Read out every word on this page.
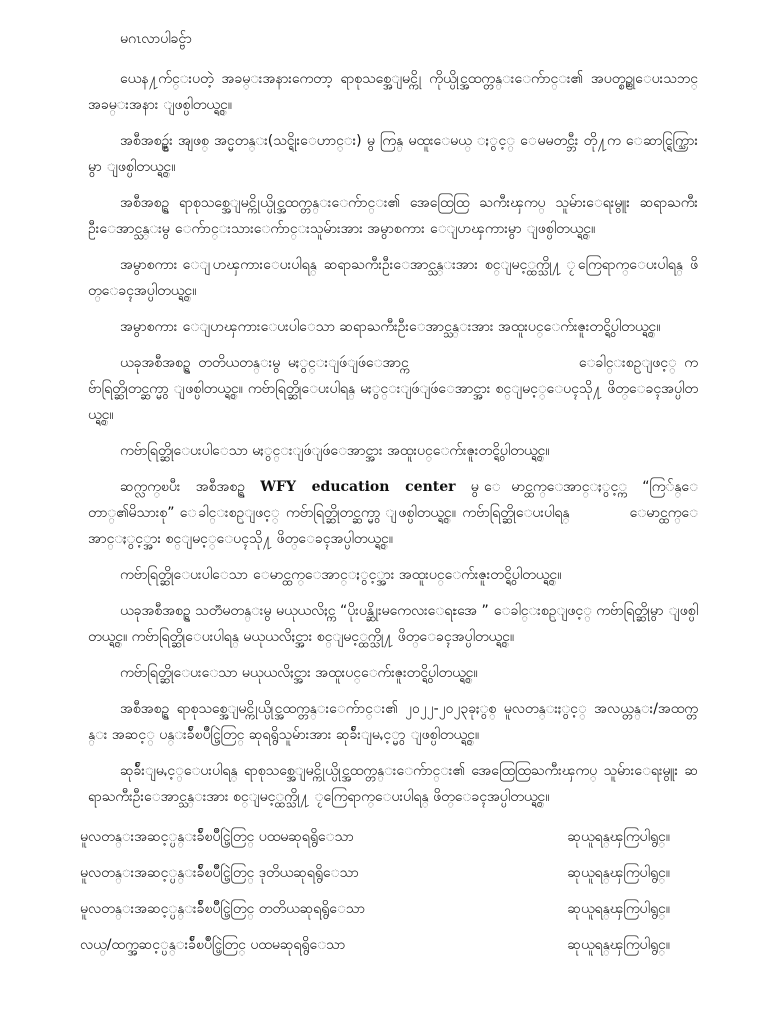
မဂၤလာပါခင္ဗ်ာ

ယေန႔က်င္းပတဲ့ အခမ္းအနားကေတာ့ ရာစုသစ္အေျမင္ကို ကိုယ္ပိုင္အထက္တန္းေက်ာင္း၏ အပတ္စဥ္ဆုေပးသဘင္ အခမ္းအနား ျဖစ္ပါတယ္ရွင္။

အစီအစဥ္မွဴး အျဖစ္ အင္မတန္း(သင္ရိုးေဟာင္း) မွ ကြန္ မထူးေမယ္ ႏွင့္ ေမမတင္ဘီး တို႔က ေဆာင္ရြက္သြားမွာ ျဖစ္ပါတယ္ရွင္။

အစီအစဥ္ရ ရာစုသစ္အေျမင္ကိုယ္ပိုင္အထက္တန္းေက်ာင္း၏ အေထြေထြ ႀကီးၾကပ္ သူမ်ားေရးမွူး ဆရာႀကီး ဦးေအာင္သန္းမွ ေက်ာင္းသားေက်ာင္းသူမ်ားအား အမွာစကား ေျပာၾကားမွာ ျဖစ္ပါတယ္ရွင္။

အမွာစကား ေျပာၾကားေပးပါရန္ ဆရာႀကီးဦးေအာင္သန္းအား စင္ျမင့္ထက္သို႔ ႂကြေရာက္ေပးပါရန္ ဖိတ္ေခၚအပ္ပါတယ္ရွင္။

အမွာစကား ေျပာၾကားေပးပါေသာ ဆရာႀကီးဦးေအာင္သန္းအား အထူးပင္ေက်းဇူးတင္ရွိပါတယ္ရွင္။

ယခုအစီအစဥ္ရ တတိယတန္းမွ မႏွင္းျဖဴျဖဴေအာင္က	ေခါင္းစဥ္ျဖင့္ ကဗ်ာရြတ္ဆိုတင္ဆက္မွာ ျဖစ္ပါတယ္ရွင္။ ကဗ်ာရြတ္ဆိုေပးပါရန္ မႏွင္းျဖဴျဖဴေအာင္အား စင္ျမင့္ေပၚသို႔ ဖိတ္ေခၚအပ္ပါတယ္ရွင္။

ကဗ်ာရြတ္ဆိုေပးပါေသာ မႏွင္းျဖဴျဖဴေအာင္အား အထူးပင္ေက်းဇူးတင္ရွိပါတယ္ရွင္။

ဆက္လက္ၿပီး အစီအစဥ္ရ WFY education center မွ ေမာင္ထက္ေအာင္ႏွင့္က “ကြ်န္ေတာ္၏မိသားစု” ေခါင္းစဥ္ျဖင့္ ကဗ်ာရြတ္ဆိုတင္ဆက္မွာ ျဖစ္ပါတယ္ရွင္။ ကဗ်ာရြတ္ဆိုေပးပါရန္	ေမာင္ထက္ေအာင္ႏွင့္အား စင္ျမင့္ေပၚသို႔ ဖိတ္ေခၚအပ္ပါတယ္ရွင္။

ကဗ်ာရြတ္ဆိုေပးပါေသာ ေမာင္ထက္ေအာင္ႏွင့္အား အထူးပင္ေက်းဇူးတင္ရွိပါတယ္ရွင္။

ယခုအစီအစဥ္ရ သတၱမတန္းမွ မယုယလိႈင္က “ပိုးပန္ဆိုးမကေလးေရႊအေ ” ေခါင္းစဥ္ျဖင့္ ကဗ်ာရြတ္ဆိုမွာ ျဖစ္ပါတယ္ရွင္။ ကဗ်ာရြတ္ဆိုေပးပါရန္ မယုယလိႈင္အား စင္ျမင့္ထက္သို႔ ဖိတ္ေခၚအပ္ပါတယ္ရွင္။

ကဗ်ာရြတ္ဆိုေပးေသာ မယုယလိႈင္အား အထူးပင္ေက်းဇူးတင္ရွိပါတယ္ရွင္။

အစီအစဥ္ရ ရာစုသစ္အေျမင္ကိုယ္ပိုင္အထက္တန္းေက်ာင္း၏ ၂၀၂၂-၂၀၂၃ခုႏွစ္ မူလတန္းႏွင့္ အလယ္တန္း/အထက္တန္း အဆင့္ ပန္းခ်ီၿပိဳင္ပြဲတြင္ ဆုရရွိသူမ်ားအား ဆုခ်ီးျမႇင့္မွာ ျဖစ္ပါတယ္ရွင္။

ဆုခ်ီးျမႇင့္ေပးပါရန္ ရာစုသစ္အေျမင္ကိုယ္ပိုင္အထက္တန္းေက်ာင္း၏ အေထြေထြႀကီးၾကပ္ သူမ်ားေရးမွူး ဆရာႀကီးဦးေအာင္သန္းအား စင္ျမင့္ထက္သို႔ ႂကြေရာက္ေပးပါရန္ ဖိတ္ေခၚအပ္ပါတယ္ရွင္။

မူလတန္းအဆင့္ပန္းခ်ီၿပိဳင္ပြဲတြင္ ပထမဆုရရွိေသာ	ဆုယူရန္ၾကြပါရွင္။
မူလတန္းအဆင့္ပန္းခ်ီၿပိဳင္ပြဲတြင္ ဒုတိယဆုရရွိေသာ	ဆုယူရန္ၾကြပါရွင္။
မူလတန္းအဆင့္ပန္းခ်ီၿပိဳင္ပြဲတြင္ တတိယဆုရရွိေသာ	ဆုယူရန္ၾကြပါရွင္။
လယ္/ထက္အဆင့္ပန္းခ်ီၿပိဳင္ပြဲတြင္ ပထမဆုရရွိေသာ	ဆုယူရန္ၾကြပါရွင္။
